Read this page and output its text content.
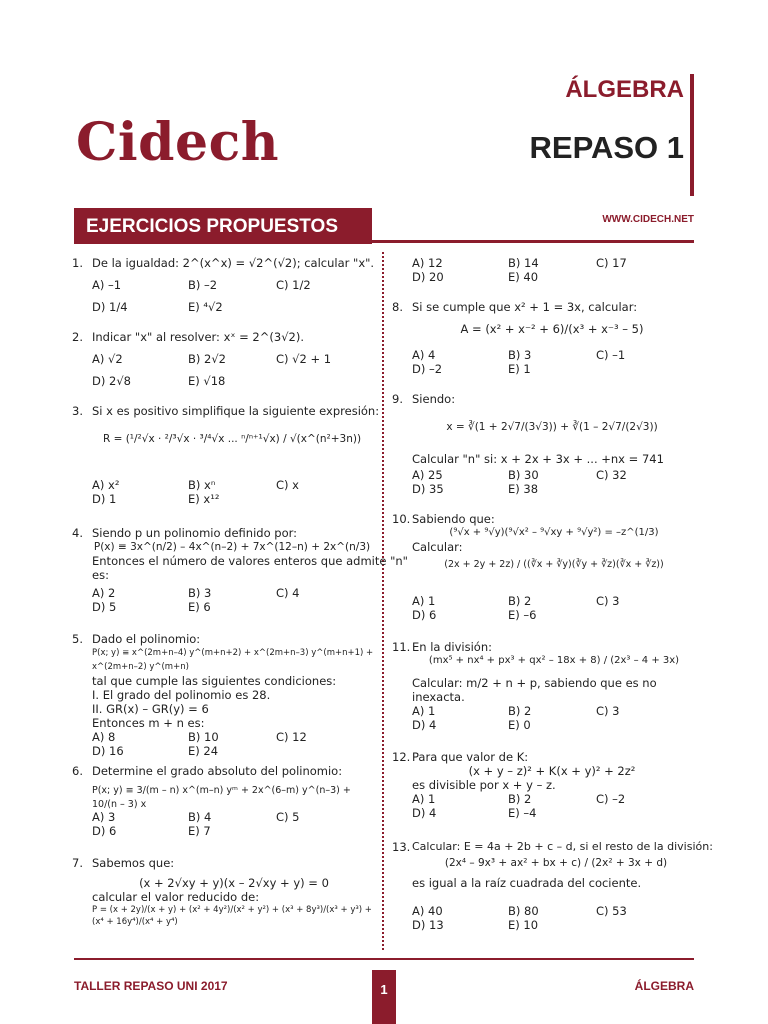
Cidech
ÁLGEBRA
REPASO 1
EJERCICIOS PROPUESTOS	WWW.CIDECH.NET
1. De la igualdad: 2^(x^x) = √2^(√2); calcular "x".
A) –1	B) –2	C) 1/2
D) 1/4	E) ⁴√2
2. Indicar "x" al resolver: xˣ = 2^(3√2).
A) √2	B) 2√2	C) √2 + 1
D) 2√8	E) √18
3. Si x es positivo simplifique la siguiente expresión:
R = (¹/²√x · ²/³√x · ³/⁴√x ... ⁿ/ⁿ⁺¹√x) / √(x^(n²+3n))
A) x²	B) xⁿ	C) x
D) 1	E) x¹²
4. Siendo p un polinomio definido por:
P(x) ≡ 3x^(n/2) – 4x^(n–2) + 7x^(12–n) + 2x^(n/3)
Entonces el número de valores enteros que admite "n"
es:
A) 2	B) 3	C) 4
D) 5	E) 6
5. Dado el polinomio:
P(x; y) ≡ x^(2m+n–4) y^(m+n+2) + x^(2m+n–3) y^(m+n+1) + x^(2m+n–2) y^(m+n)
tal que cumple las siguientes condiciones:
I. El grado del polinomio es 28.
II. GR(x) – GR(y) = 6
Entonces m + n es:
A) 8	B) 10	C) 12
D) 16	E) 24
6. Determine el grado absoluto del polinomio:
P(x; y) ≡ 3/(m – n) x^(m–n) yᵐ + 2x^(6–m) y^(n–3) + 10/(n – 3) x
A) 3	B) 4	C) 5
D) 6	E) 7
7. Sabemos que:
(x + 2√xy + y)(x – 2√xy + y) = 0
calcular el valor reducido de:
P = (x + 2y)/(x + y) + (x² + 4y²)/(x² + y²) + (x³ + 8y³)/(x³ + y³) + (x⁴ + 16y⁴)/(x⁴ + y⁴)
A) 12	B) 14	C) 17
D) 20	E) 40
8. Si se cumple que x² + 1 = 3x, calcular:
A = (x² + x⁻² + 6)/(x³ + x⁻³ – 5)
A) 4	B) 3	C) –1
D) –2	E) 1
9. Siendo:
x = ∛(1 + 2√7/(3√3)) + ∛(1 – 2√7/(2√3))
Calcular "n" si: x + 2x + 3x + ... +nx = 741
A) 25	B) 30	C) 32
D) 35	E) 38
10. Sabiendo que:
(⁹√x + ⁹√y)(⁹√x² – ⁹√xy + ⁹√y²) = –z^(1/3)
Calcular:
(2x + 2y + 2z) / ((∛x + ∛y)(∛y + ∛z)(∛x + ∛z))
A) 1	B) 2	C) 3
D) 6	E) –6
11. En la división:
(mx⁵ + nx⁴ + px³ + qx² – 18x + 8) / (2x³ – 4 + 3x)
Calcular: m/2 + n + p, sabiendo que es no inexacta.
A) 1	B) 2	C) 3
D) 4	E) 0
12. Para que valor de K:
(x + y – z)² + K(x + y)² + 2z²
es divisible por x + y – z.
A) 1	B) 2	C) –2
D) 4	E) –4
13. Calcular: E = 4a + 2b + c – d, si el resto de la división:
(2x⁴ – 9x³ + ax² + bx + c) / (2x² + 3x + d)
es igual a la raíz cuadrada del cociente.
A) 40	B) 80	C) 53
D) 13	E) 10
TALLER REPASO UNI 2017	1	ÁLGEBRA
